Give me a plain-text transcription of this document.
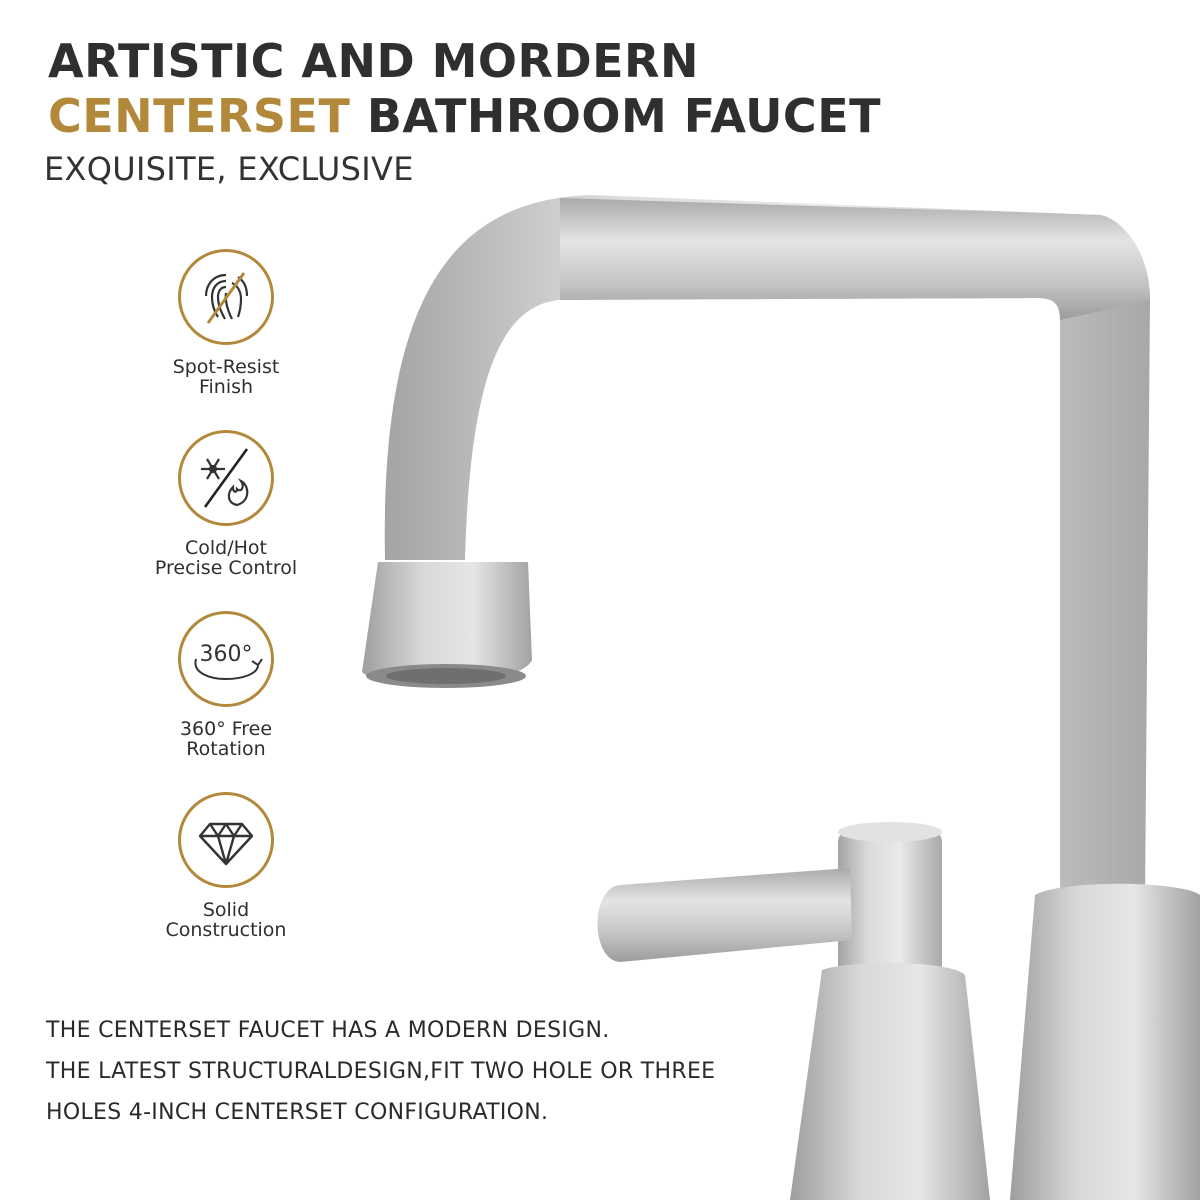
ARTISTIC AND MORDERN
CENTERSET BATHROOM FAUCET
EXQUISITE, EXCLUSIVE
Spot-Resist
Finish
Cold/Hot
Precise Control
360°
360° Free
Rotation
Solid
Construction

THE CENTERSET FAUCET HAS A MODERN DESIGN.

THE LATEST STRUCTURALDESIGN,FIT TWO HOLE OR THREE

HOLES 4-INCH CENTERSET CONFIGURATION.
